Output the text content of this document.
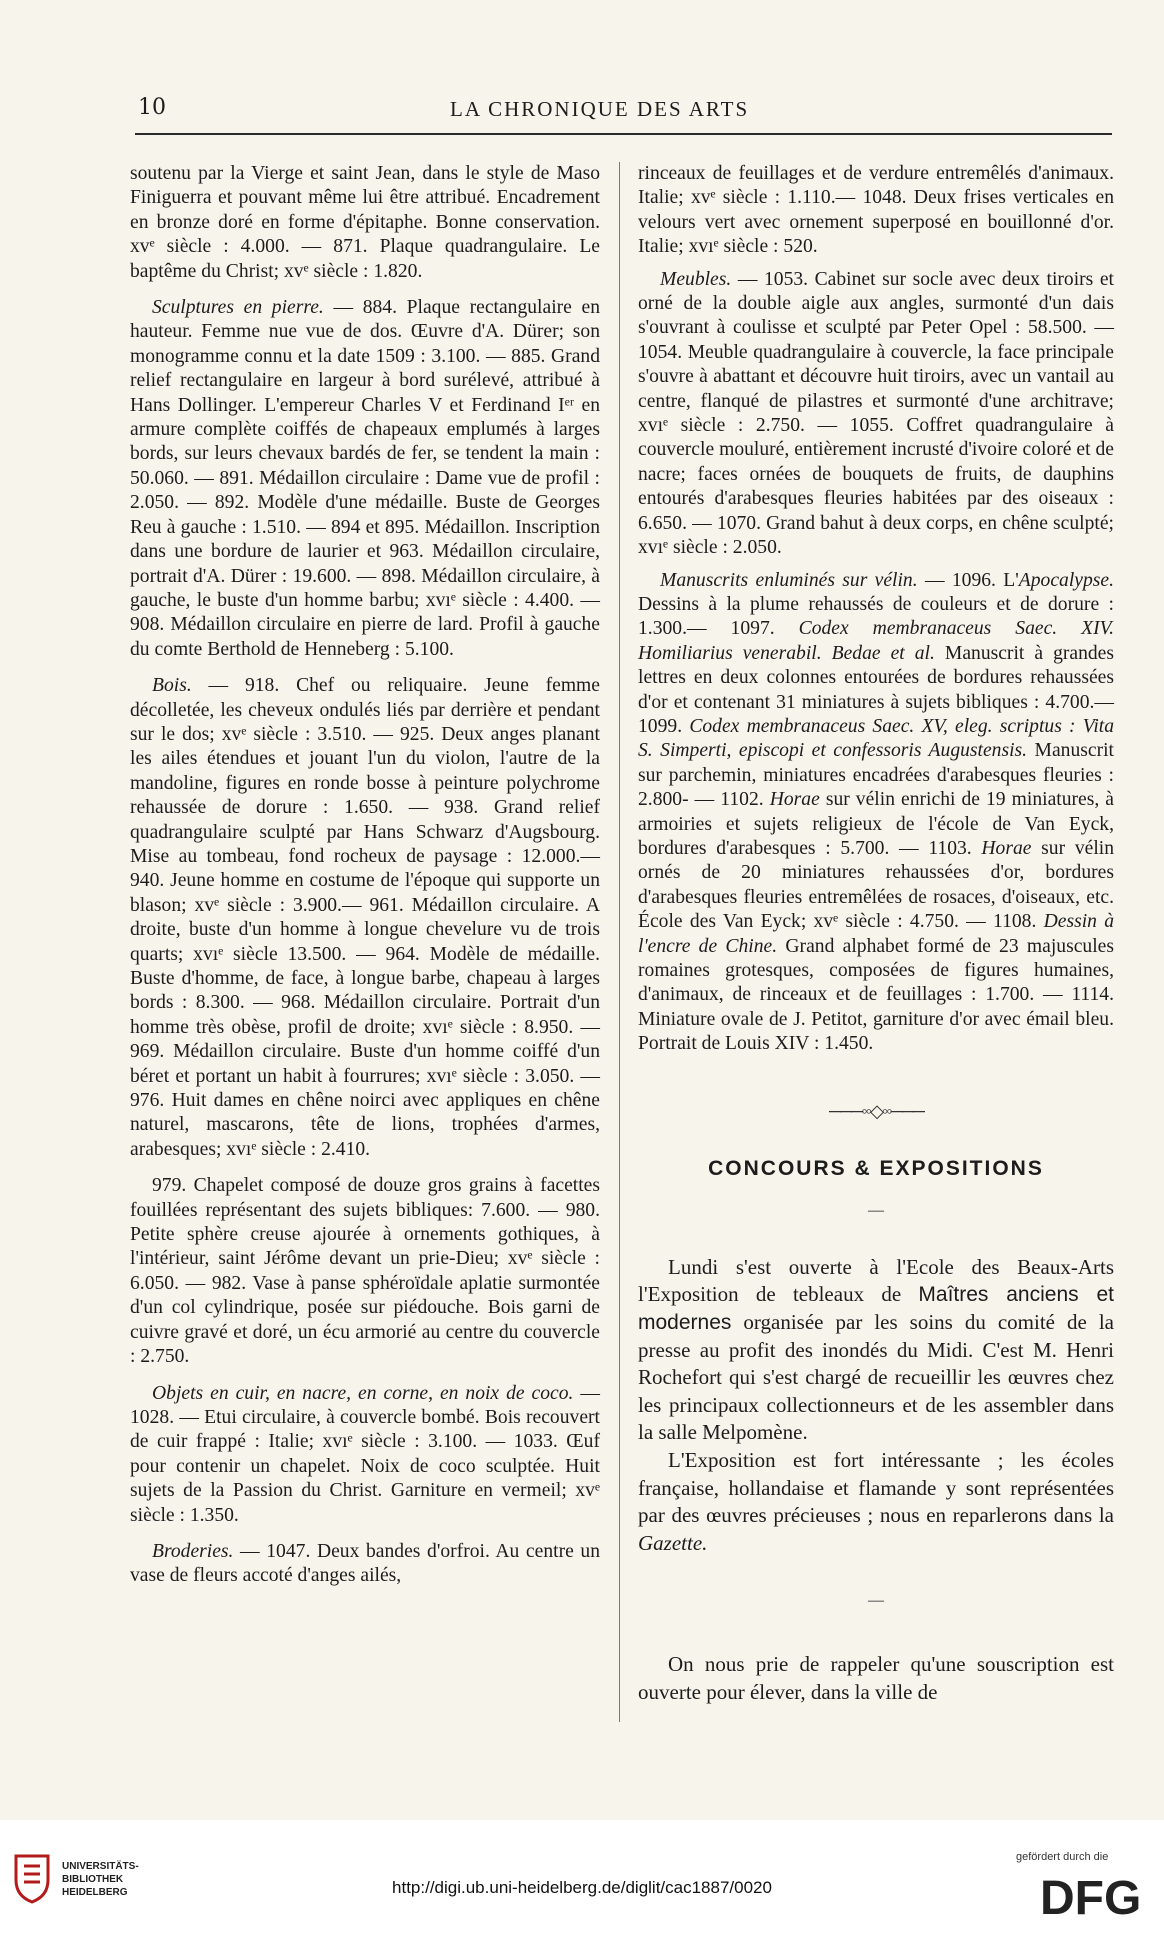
10	LA CHRONIQUE DES ARTS

soutenu par la Vierge et saint Jean, dans le style de Maso Finiguerra et pouvant même lui être attribué. Encadrement en bronze doré en forme d'épitaphe. Bonne conservation. xvᵉ siècle : 4.000. — 871. Plaque quadrangulaire. Le baptême du Christ; xvᵉ siècle : 1.820.

Sculptures en pierre. — 884. Plaque rectangulaire en hauteur. Femme nue vue de dos. Œuvre d'A. Dürer; son monogramme connu et la date 1509 : 3.100. — 885. Grand relief rectangulaire en largeur à bord surélevé, attribué à Hans Dollinger. L'empereur Charles V et Ferdinand Iᵉʳ en armure complète coiffés de chapeaux emplumés à larges bords, sur leurs chevaux bardés de fer, se tendent la main : 50.060. — 891. Médaillon circulaire : Dame vue de profil : 2.050. — 892. Modèle d'une médaille. Buste de Georges Reu à gauche : 1.510. — 894 et 895. Médaillon. Inscription dans une bordure de laurier et 963. Médaillon circulaire, portrait d'A. Dürer : 19.600. — 898. Médaillon circulaire, à gauche, le buste d'un homme barbu; xvıᵉ siècle : 4.400. — 908. Médaillon circulaire en pierre de lard. Profil à gauche du comte Berthold de Henneberg : 5.100.

Bois. — 918. Chef ou reliquaire. Jeune femme décolletée, les cheveux ondulés liés par derrière et pendant sur le dos; xvᵉ siècle : 3.510. — 925. Deux anges planant les ailes étendues et jouant l'un du violon, l'autre de la mandoline, figures en ronde bosse à peinture polychrome rehaussée de dorure : 1.650. — 938. Grand relief quadrangulaire sculpté par Hans Schwarz d'Augsbourg. Mise au tombeau, fond rocheux de paysage : 12.000.— 940. Jeune homme en costume de l'époque qui supporte un blason; xvᵉ siècle : 3.900.— 961. Médaillon circulaire. A droite, buste d'un homme à longue chevelure vu de trois quarts; xvıᵉ siècle 13.500. — 964. Modèle de médaille. Buste d'homme, de face, à longue barbe, chapeau à larges bords : 8.300. — 968. Médaillon circulaire. Portrait d'un homme très obèse, profil de droite; xvıᵉ siècle : 8.950. — 969. Médaillon circulaire. Buste d'un homme coiffé d'un béret et portant un habit à fourrures; xvıᵉ siècle : 3.050. — 976. Huit dames en chêne noirci avec appliques en chêne naturel, mascarons, tête de lions, trophées d'armes, arabesques; xvıᵉ siècle : 2.410.

979. Chapelet composé de douze gros grains à facettes fouillées représentant des sujets bibliques: 7.600. — 980. Petite sphère creuse ajourée à ornements gothiques, à l'intérieur, saint Jérôme devant un prie-Dieu; xvᵉ siècle : 6.050. — 982. Vase à panse sphéroïdale aplatie surmontée d'un col cylindrique, posée sur piédouche. Bois garni de cuivre gravé et doré, un écu armorié au centre du couvercle : 2.750.

Objets en cuir, en nacre, en corne, en noix de coco. — 1028. — Etui circulaire, à couvercle bombé. Bois recouvert de cuir frappé : Italie; xvıᵉ siècle : 3.100. — 1033. Œuf pour contenir un chapelet. Noix de coco sculptée. Huit sujets de la Passion du Christ. Garniture en vermeil; xvᵉ siècle : 1.350.

Broderies. — 1047. Deux bandes d'orfroi. Au centre un vase de fleurs accoté d'anges ailés,

rinceaux de feuillages et de verdure entremêlés d'animaux. Italie; xvᵉ siècle : 1.110.— 1048. Deux frises verticales en velours vert avec ornement superposé en bouillonné d'or. Italie; xvıᵉ siècle : 520.

Meubles. — 1053. Cabinet sur socle avec deux tiroirs et orné de la double aigle aux angles, surmonté d'un dais s'ouvrant à coulisse et sculpté par Peter Opel : 58.500. — 1054. Meuble quadrangulaire à couvercle, la face principale s'ouvre à abattant et découvre huit tiroirs, avec un vantail au centre, flanqué de pilastres et surmonté d'une architrave; xvıᵉ siècle : 2.750. — 1055. Coffret quadrangulaire à couvercle mouluré, entièrement incrusté d'ivoire coloré et de nacre; faces ornées de bouquets de fruits, de dauphins entourés d'arabesques fleuries habitées par des oiseaux : 6.650. — 1070. Grand bahut à deux corps, en chêne sculpté; xvıᵉ siècle : 2.050.

Manuscrits enluminés sur vélin. — 1096. L'Apocalypse. Dessins à la plume rehaussés de couleurs et de dorure : 1.300.— 1097. Codex membranaceus Saec. XIV. Homiliarius venerabil. Bedae et al. Manuscrit à grandes lettres en deux colonnes entourées de bordures rehaussées d'or et contenant 31 miniatures à sujets bibliques : 4.700.— 1099. Codex membranaceus Saec. XV, eleg. scriptus : Vita S. Simperti, episcopi et confessoris Augustensis. Manuscrit sur parchemin, miniatures encadrées d'arabesques fleuries : 2.800- — 1102. Horae sur vélin enrichi de 19 miniatures, à armoiries et sujets religieux de l'école de Van Eyck, bordures d'arabesques : 5.700. — 1103. Horae sur vélin ornés de 20 miniatures rehaussées d'or, bordures d'arabesques fleuries entremêlées de rosaces, d'oiseaux, etc. École des Van Eyck; xvᵉ siècle : 4.750. — 1108. Dessin à l'encre de Chine. Grand alphabet formé de 23 majuscules romaines grotesques, composées de figures humaines, d'animaux, de rinceaux et de feuillages : 1.700. — 1114. Miniature ovale de J. Petitot, garniture d'or avec émail bleu. Portrait de Louis XIV : 1.450.

───◦◦◇◦◦───
CONCOURS & EXPOSITIONS
—

Lundi s'est ouverte à l'Ecole des Beaux-Arts l'Exposition de tebleaux de Maîtres anciens et modernes organisée par les soins du comité de la presse au profit des inondés du Midi. C'est M. Henri Rochefort qui s'est chargé de recueillir les œuvres chez les principaux collectionneurs et de les assembler dans la salle Melpomène.

L'Exposition est fort intéressante ; les écoles française, hollandaise et flamande y sont représentées par des œuvres précieuses ; nous en reparlerons dans la Gazette.

—

On nous prie de rappeler qu'une souscription est ouverte pour élever, dans la ville de

UNIVERSITÄTS-
BIBLIOTHEK
HEIDELBERG	http://digi.ub.uni-heidelberg.de/diglit/cac1887/0020
gefördert durch die
DFG
